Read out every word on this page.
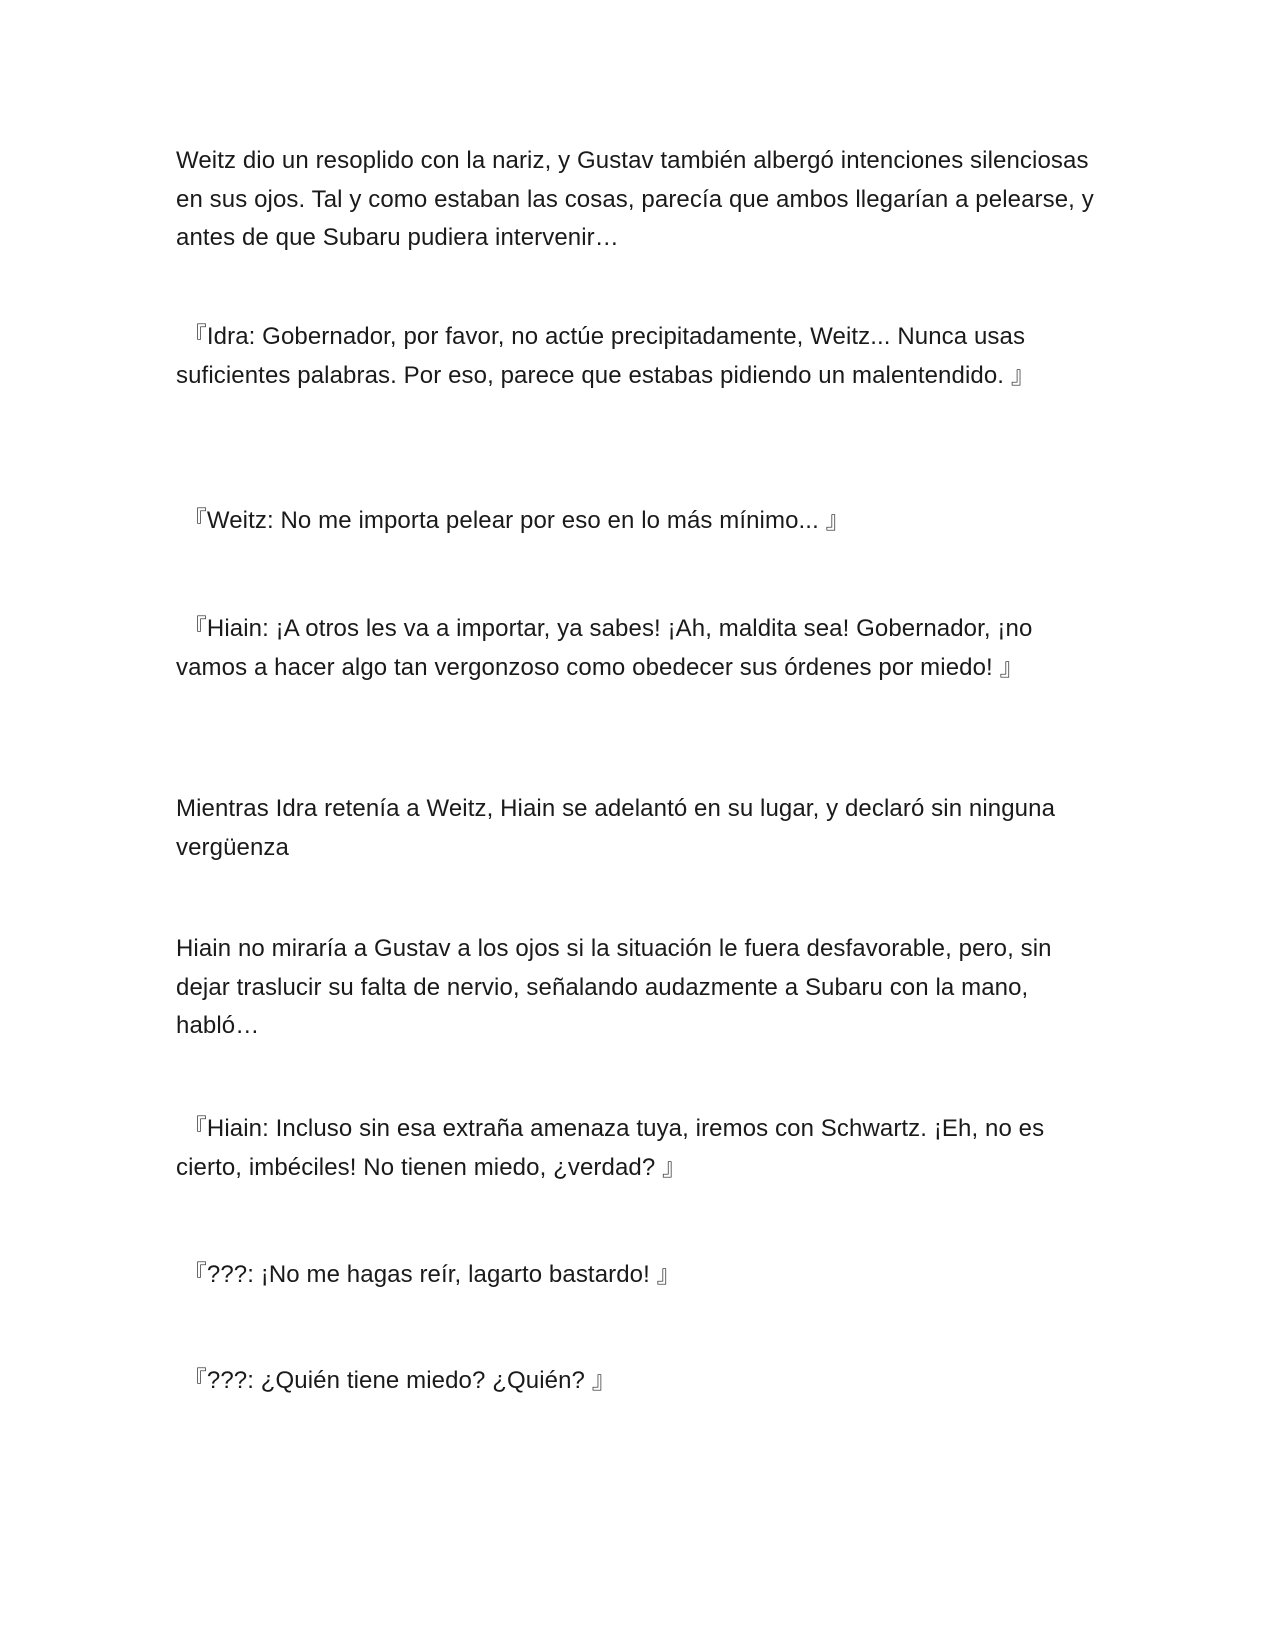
Weitz dio un resoplido con la nariz, y Gustav también albergó intenciones silenciosas en sus ojos. Tal y como estaban las cosas, parecía que ambos llegarían a pelearse, y antes de que Subaru pudiera intervenir…

『Idra: Gobernador, por favor, no actúe precipitadamente, Weitz... Nunca usas suficientes palabras. Por eso, parece que estabas pidiendo un malentendido. 』

『Weitz: No me importa pelear por eso en lo más mínimo... 』

『Hiain: ¡A otros les va a importar, ya sabes! ¡Ah, maldita sea! Gobernador, ¡no vamos a hacer algo tan vergonzoso como obedecer sus órdenes por miedo! 』

Mientras Idra retenía a Weitz, Hiain se adelantó en su lugar, y declaró sin ninguna vergüenza

Hiain no miraría a Gustav a los ojos si la situación le fuera desfavorable, pero, sin dejar traslucir su falta de nervio, señalando audazmente a Subaru con la mano, habló…

『Hiain: Incluso sin esa extraña amenaza tuya, iremos con Schwartz. ¡Eh, no es cierto, imbéciles! No tienen miedo, ¿verdad? 』

『???: ¡No me hagas reír, lagarto bastardo! 』

『???: ¿Quién tiene miedo? ¿Quién? 』
